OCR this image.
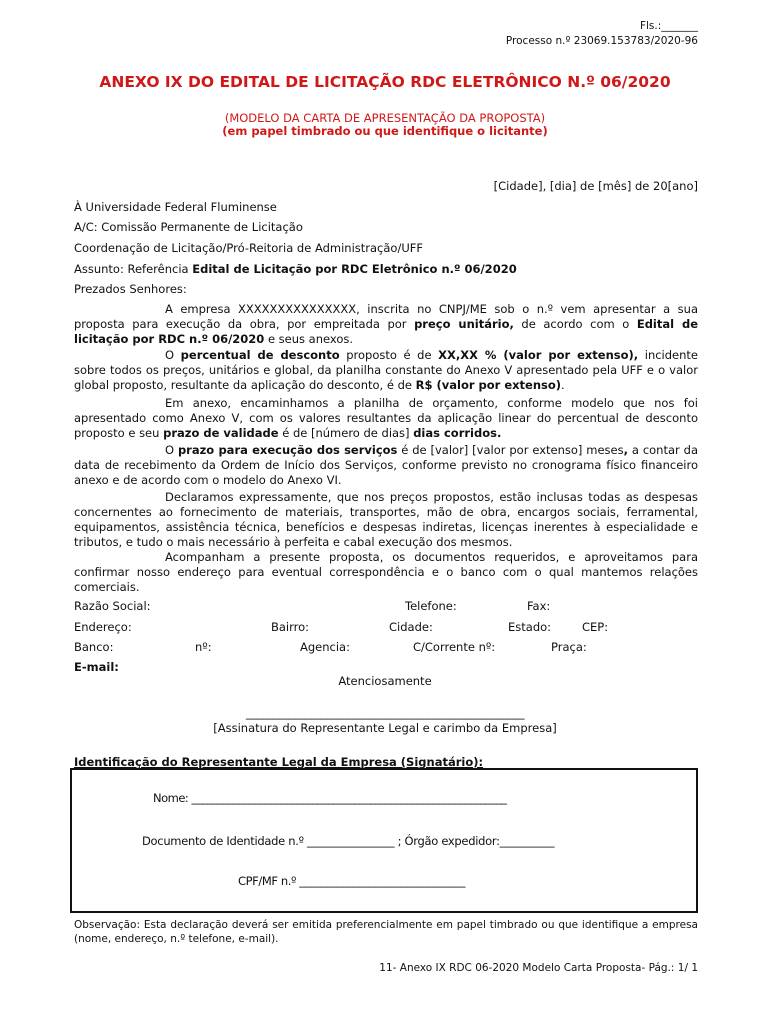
Fls.:_______
Processo n.º 23069.153783/2020-96
ANEXO IX DO EDITAL DE LICITAÇÃO RDC ELETRÔNICO N.º 06/2020
(MODELO DA CARTA DE APRESENTAÇÃO DA PROPOSTA)
(em papel timbrado ou que identifique o licitante)
[Cidade], [dia] de [mês] de 20[ano]
À Universidade Federal Fluminense
A/C: Comissão Permanente de Licitação
Coordenação de Licitação/Pró-Reitoria de Administração/UFF
Assunto: Referência Edital de Licitação por RDC Eletrônico n.º 06/2020
Prezados Senhores:
A empresa XXXXXXXXXXXXXXX, inscrita no CNPJ/ME sob o n.º vem apresentar a sua proposta para execução da obra, por empreitada por preço unitário, de acordo com o Edital de licitação por RDC n.º 06/2020 e seus anexos.
O percentual de desconto proposto é de XX,XX % (valor por extenso), incidente sobre todos os preços, unitários e global, da planilha constante do Anexo V apresentado pela UFF e o valor global proposto, resultante da aplicação do desconto, é de R$ (valor por extenso).
Em anexo, encaminhamos a planilha de orçamento, conforme modelo que nos foi apresentado como Anexo V, com os valores resultantes da aplicação linear do percentual de desconto proposto e seu prazo de validade é de [número de dias] dias corridos.
O prazo para execução dos serviços é de [valor] [valor por extenso] meses, a contar da data de recebimento da Ordem de Início dos Serviços, conforme previsto no cronograma físico financeiro anexo e de acordo com o modelo do Anexo VI.
Declaramos expressamente, que nos preços propostos, estão inclusas todas as despesas concernentes ao fornecimento de materiais, transportes, mão de obra, encargos sociais, ferramental, equipamentos, assistência técnica, benefícios e despesas indiretas, licenças inerentes à especialidade e tributos, e tudo o mais necessário à perfeita e cabal execução dos mesmos.
Acompanham a presente proposta, os documentos requeridos, e aproveitamos para confirmar nosso endereço para eventual correspondência e o banco com o qual mantemos relações comerciais.
Razão Social:	Telefone:	Fax:
Endereço:	Bairro:	Cidade:	Estado:	CEP:
Banco:	nº:	Agencia:	C/Corrente nº:	Praça:
E-mail:
Atenciosamente
____________________________________________________
[Assinatura do Representante Legal e carimbo da Empresa]
Identificação do Representante Legal da Empresa (Signatário):
Nome: ____________________________________________________________
Documento de Identidade n.º ________________ ; Órgão expedidor:__________
CPF/MF n.º _______________________________
Observação: Esta declaração deverá ser emitida preferencialmente em papel timbrado ou que identifique a empresa (nome, endereço, n.º telefone, e-mail).
11- Anexo IX RDC 06-2020 Modelo Carta Proposta- Pág.: 1/ 1
